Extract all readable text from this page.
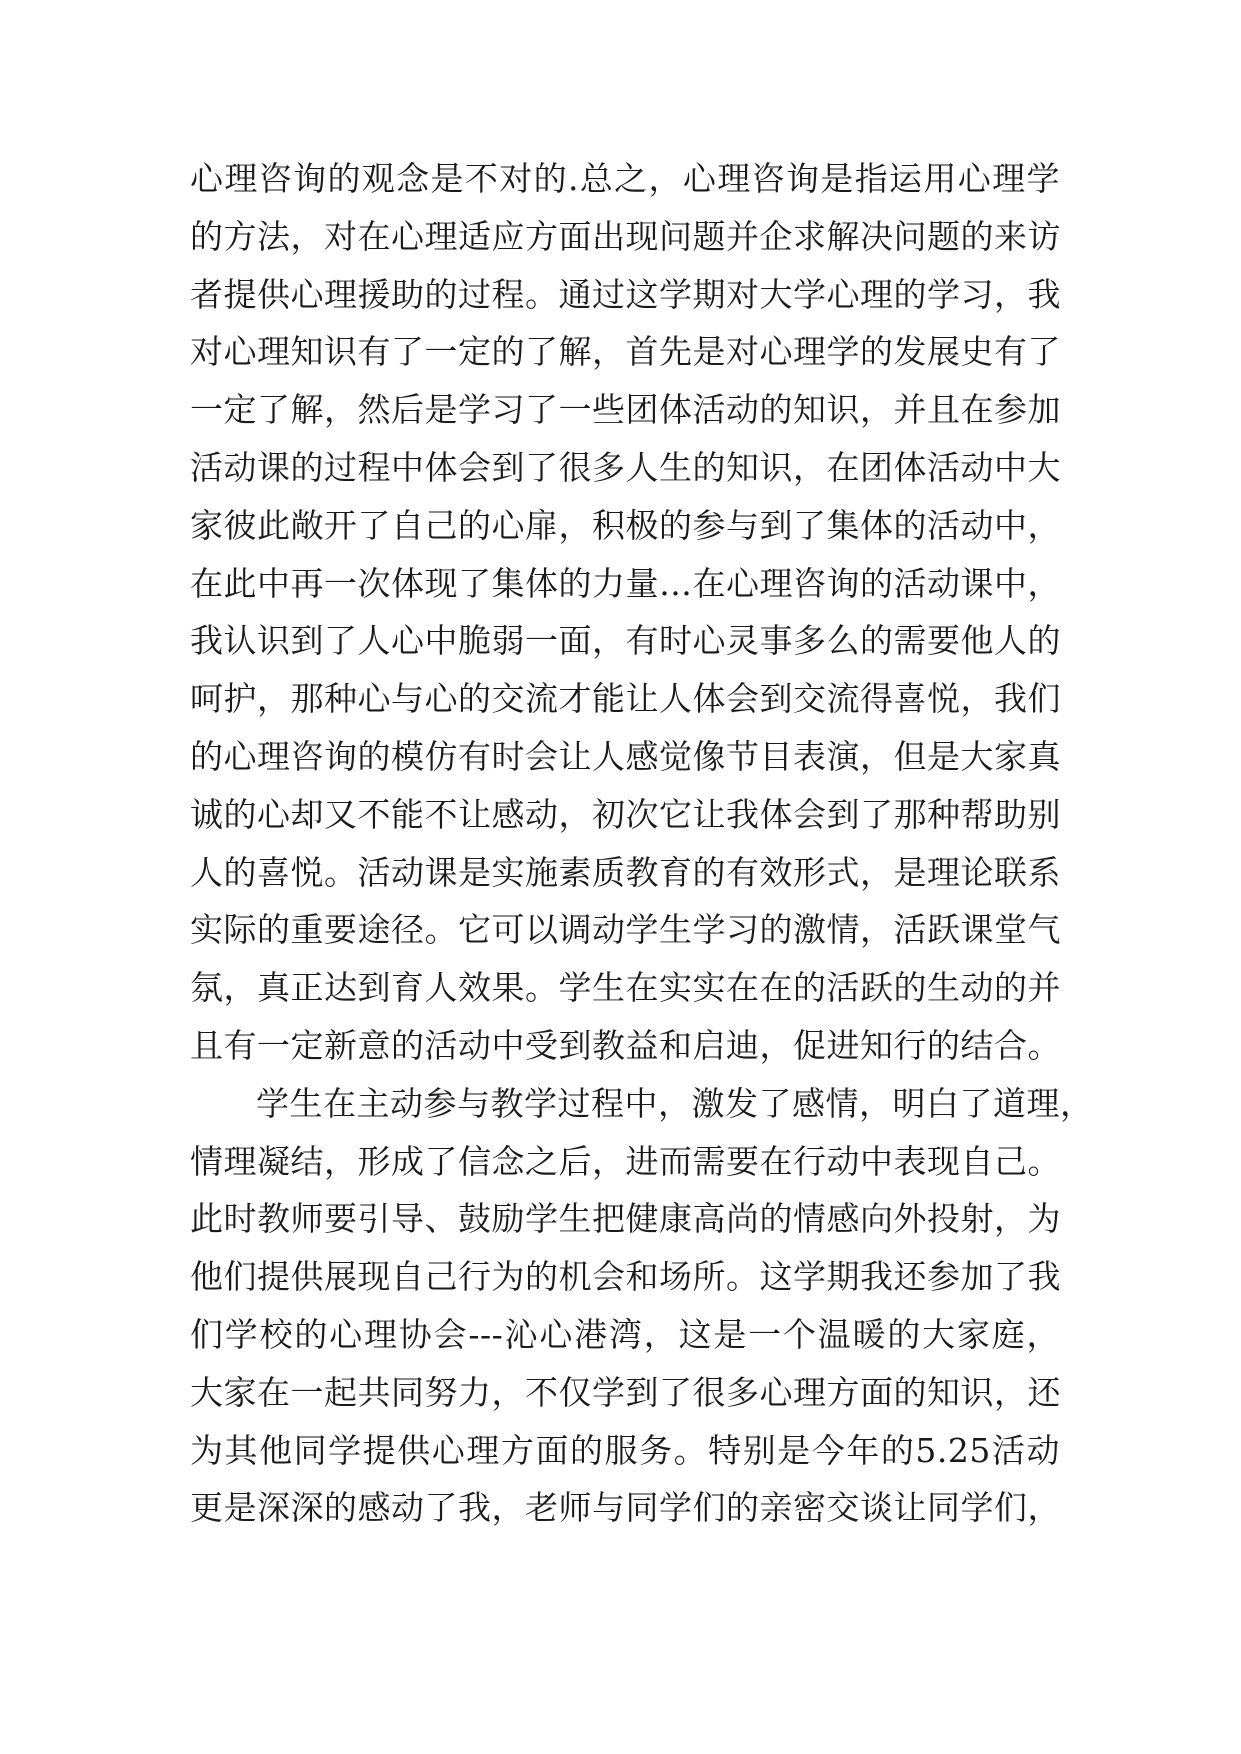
心理咨询的观念是不对的.总之，心理咨询是指运用心理学
的方法，对在心理适应方面出现问题并企求解决问题的来访
者提供心理援助的过程。通过这学期对大学心理的学习，我
对心理知识有了一定的了解，首先是对心理学的发展史有了
一定了解，然后是学习了一些团体活动的知识，并且在参加
活动课的过程中体会到了很多人生的知识，在团体活动中大
家彼此敞开了自己的心扉，积极的参与到了集体的活动中，
在此中再一次体现了集体的力量…在心理咨询的活动课中，
我认识到了人心中脆弱一面，有时心灵事多么的需要他人的
呵护，那种心与心的交流才能让人体会到交流得喜悦，我们
的心理咨询的模仿有时会让人感觉像节目表演，但是大家真
诚的心却又不能不让感动，初次它让我体会到了那种帮助别
人的喜悦。活动课是实施素质教育的有效形式，是理论联系
实际的重要途径。它可以调动学生学习的激情，活跃课堂气
氛，真正达到育人效果。学生在实实在在的活跃的生动的并
且有一定新意的活动中受到教益和启迪，促进知行的结合。
学生在主动参与教学过程中，激发了感情，明白了道理，
情理凝结，形成了信念之后，进而需要在行动中表现自己。
此时教师要引导、鼓励学生把健康高尚的情感向外投射，为
他们提供展现自己行为的机会和场所。这学期我还参加了我
们学校的心理协会---沁心港湾，这是一个温暖的大家庭，
大家在一起共同努力，不仅学到了很多心理方面的知识，还
为其他同学提供心理方面的服务。特别是今年的5.25活动
更是深深的感动了我，老师与同学们的亲密交谈让同学们，
